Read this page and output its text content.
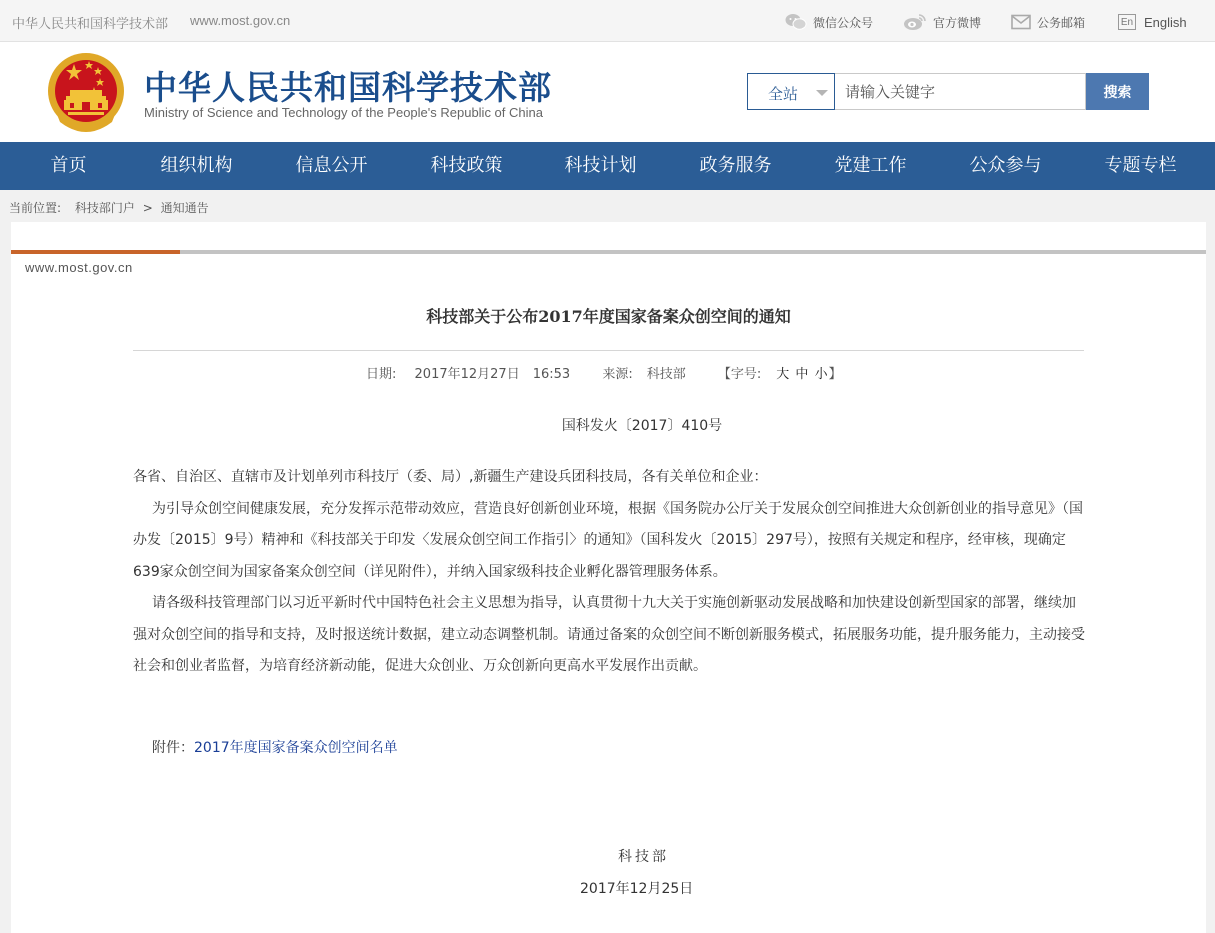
中华人民共和国科学技术部 www.most.gov.cn	微信公众号	官方微博	公务邮箱	En English
中华人民共和国科学技术部
Ministry of Science and Technology of the People's Republic of China
全站
请输入关键字	搜索
首页	组织机构	信息公开	科技政策	科技计划	政务服务	党建工作	公众参与	专题专栏
当前位置: 科技部门户 > 通知通告
www.most.gov.cn
科技部关于公布2017年度国家备案众创空间的通知
日期: 2017年12月27日　16:53 来源: 科技部 【字号: 大 中 小】
国科发火〔2017〕410号

各省、自治区、直辖市及计划单列市科技厅（委、局）,新疆生产建设兵团科技局，各有关单位和企业：

为引导众创空间健康发展，充分发挥示范带动效应，营造良好创新创业环境，根据《国务院办公厅关于发展众创空间推进大众创新创业的指导意见》（国办发〔2015〕9号）精神和《科技部关于印发〈发展众创空间工作指引〉的通知》（国科发火〔2015〕297号），按照有关规定和程序，经审核，现确定639家众创空间为国家备案众创空间（详见附件），并纳入国家级科技企业孵化器管理服务体系。

请各级科技管理部门以习近平新时代中国特色社会主义思想为指导，认真贯彻十九大关于实施创新驱动发展战略和加快建设创新型国家的部署，继续加强对众创空间的指导和支持，及时报送统计数据，建立动态调整机制。请通过备案的众创空间不断创新服务模式，拓展服务功能，提升服务能力，主动接受社会和创业者监督，为培育经济新动能，促进大众创业、万众创新向更高水平发展作出贡献。

附件：2017年度国家备案众创空间名单
科技部
2017年12月25日
